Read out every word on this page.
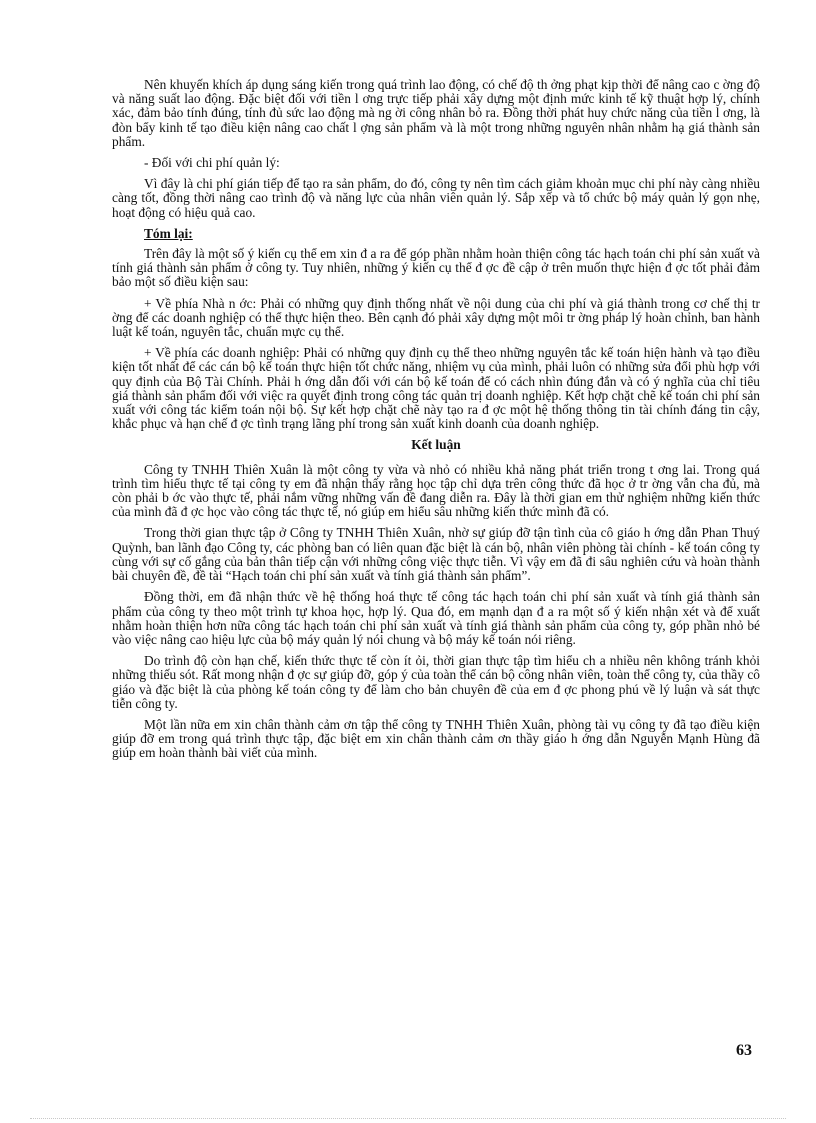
Nên khuyến khích áp dụng sáng kiến trong quá trình lao động, có chế độ th ởng phạt kịp thời để nâng cao c ờng độ và năng suất lao động. Đặc biệt đối với tiền l ơng trực tiếp phải xây dựng một định mức kinh tế kỹ thuật hợp lý, chính xác, đảm bảo tính đúng, tính đủ sức lao động mà ng ời công nhân bỏ ra. Đồng thời phát huy chức năng của tiền l ơng, là đòn bẩy kinh tế tạo điều kiện nâng cao chất l ợng sản phẩm và là một trong những nguyên nhân nhằm hạ giá thành sản phẩm.

- Đối với chi phí quản lý:

Vì đây là chi phí gián tiếp để tạo ra sản phẩm, do đó, công ty nên tìm cách giảm khoản mục chi phí này càng nhiều càng tốt, đồng thời nâng cao trình độ và năng lực của nhân viên quản lý. Sắp xếp và tổ chức bộ máy quản lý gọn nhẹ, hoạt động có hiệu quả cao.

Tóm lại:

Trên đây là một số ý kiến cụ thể em xin đ a ra để góp phần nhằm hoàn thiện công tác hạch toán chi phí sản xuất và tính giá thành sản phẩm ở công ty. Tuy nhiên, những ý kiến cụ thể đ ợc đề cập ở trên muốn thực hiện đ ợc tốt phải đảm bảo một số điều kiện sau:

+ Về phía Nhà n ớc: Phải có những quy định thống nhất về nội dung của chi phí và giá thành trong cơ chế thị tr ờng để các doanh nghiệp có thể thực hiện theo. Bên cạnh đó phải xây dựng một môi tr ờng pháp lý hoàn chỉnh, ban hành luật kế toán, nguyên tắc, chuẩn mực cụ thể.

+ Về phía các doanh nghiệp: Phải có những quy định cụ thể theo những nguyên tắc kế toán hiện hành và tạo điều kiện tốt nhất để các cán bộ kế toán thực hiện tốt chức năng, nhiệm vụ của mình, phải luôn có những sửa đổi phù hợp với quy định của Bộ Tài Chính. Phải h ớng dẫn đối với cán bộ kế toán để có cách nhìn đúng đắn và có ý nghĩa của chỉ tiêu giá thành sản phẩm đối với việc ra quyết định trong công tác quản trị doanh nghiệp. Kết hợp chặt chẽ kế toán chi phí sản xuất với công tác kiểm toán nội bộ. Sự kết hợp chặt chẽ này tạo ra đ ợc một hệ thống thông tin tài chính đáng tin cậy, khắc phục và hạn chế đ ợc tình trạng lãng phí trong sản xuất kinh doanh của doanh nghiệp.

Kết luận

Công ty TNHH Thiên Xuân là một công ty vừa và nhỏ có nhiều khả năng phát triển trong t ơng lai. Trong quá trình tìm hiểu thực tế tại công ty em đã nhận thấy rằng học tập chỉ dựa trên công thức đã học ở tr ờng vẫn cha đủ, mà còn phải b ớc vào thực tế, phải nắm vững những vấn đề đang diễn ra. Đây là thời gian em thử nghiệm những kiến thức của mình đã đ ợc học vào công tác thực tế, nó giúp em hiểu sâu những kiến thức mình đã có.

Trong thời gian thực tập ở Công ty TNHH Thiên Xuân, nhờ sự giúp đỡ tận tình của cô giáo h ớng dẫn Phan Thuý Quỳnh, ban lãnh đạo Công ty, các phòng ban có liên quan đặc biệt là cán bộ, nhân viên phòng tài chính - kế toán công ty cùng với sự cố gắng của bản thân tiếp cận với những công việc thực tiễn. Vì vậy em đã đi sâu nghiên cứu và hoàn thành bài chuyên đề, đề tài “Hạch toán chi phí sản xuất và tính giá thành sản phẩm”.

Đồng thời, em đã nhận thức về hệ thống hoá thực tế công tác hạch toán chi phí sản xuất và tính giá thành sản phẩm của công ty theo một trình tự khoa học, hợp lý. Qua đó, em mạnh dạn đ a ra một số ý kiến nhận xét và để xuất nhằm hoàn thiện hơn nữa công tác hạch toán chi phí sản xuất và tính giá thành sản phẩm của công ty, góp phần nhỏ bé vào việc nâng cao hiệu lực của bộ máy quản lý nói chung và bộ máy kế toán nói riêng.

Do trình độ còn hạn chế, kiến thức thực tế còn ít ỏi, thời gian thực tập tìm hiểu ch a nhiều nên không tránh khỏi những thiếu sót. Rất mong nhận đ ợc sự giúp đỡ, góp ý của toàn thể cán bộ công nhân viên, toàn thể công ty, của thầy cô giáo và đặc biệt là của phòng kế toán công ty để làm cho bản chuyên đề của em đ ợc phong phú về lý luận và sát thực tiễn công ty.

Một lần nữa em xin chân thành cảm ơn tập thể công ty TNHH Thiên Xuân, phòng tài vụ công ty đã tạo điều kiện giúp đỡ em trong quá trình thực tập, đặc biệt em xin chân thành cảm ơn thầy giáo h ớng dẫn Nguyễn Mạnh Hùng đã giúp em hoàn thành bài viết của mình.

63
